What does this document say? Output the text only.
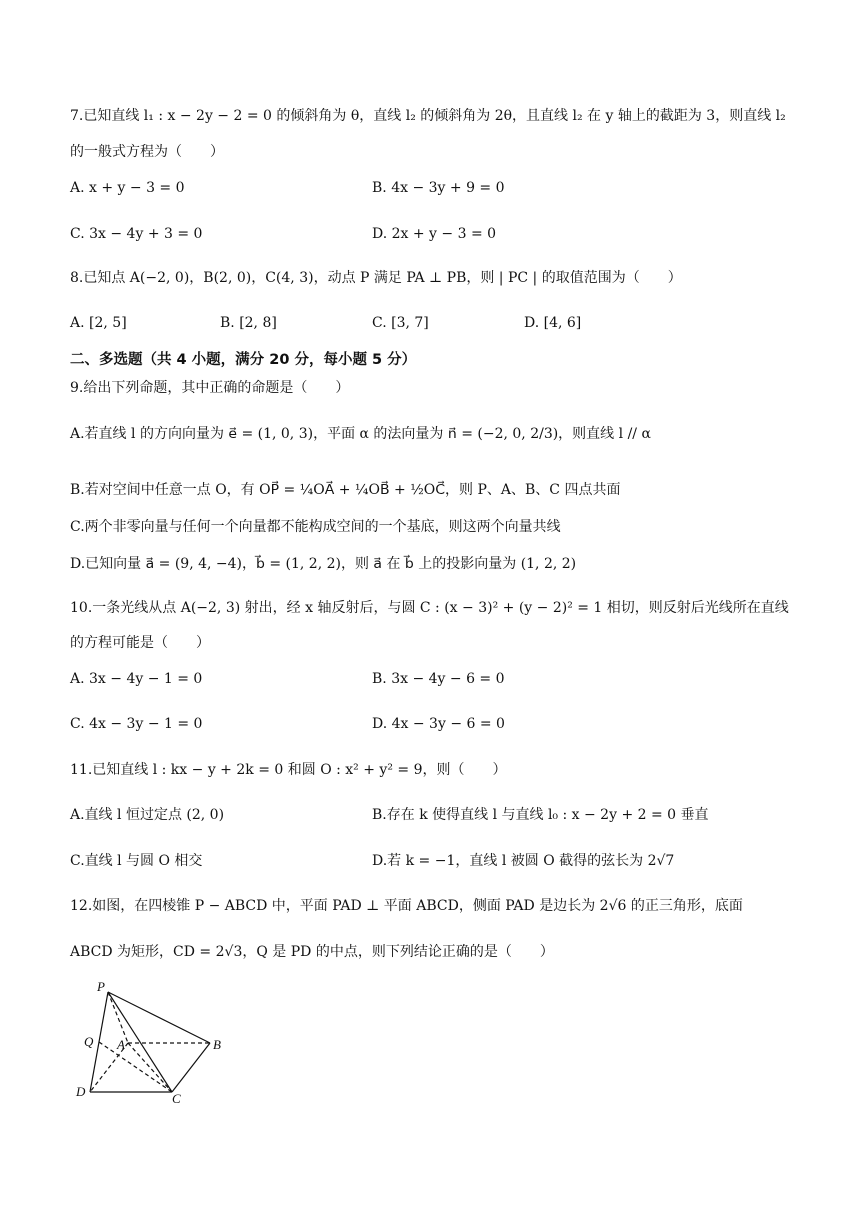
7.已知直线 l₁ : x − 2y − 2 = 0 的倾斜角为 θ，直线 l₂ 的倾斜角为 2θ，且直线 l₂ 在 y 轴上的截距为 3，则直线 l₂
的一般式方程为（　　）
A. x + y − 3 = 0	B. 4x − 3y + 9 = 0
C. 3x − 4y + 3 = 0	D. 2x + y − 3 = 0
8.已知点 A(−2, 0)，B(2, 0)，C(4, 3)，动点 P 满足 PA ⊥ PB，则 | PC | 的取值范围为（　　）
A. [2, 5]	B. [2, 8]	C. [3, 7]	D. [4, 6]
二、多选题（共 4 小题，满分 20 分，每小题 5 分）
9.给出下列命题，其中正确的命题是（　　）
A.若直线 l 的方向向量为 e⃗ = (1, 0, 3)，平面 α 的法向量为 n⃗ = (−2, 0, 2/3)，则直线 l // α
B.若对空间中任意一点 O，有 OP⃗ = ¼OA⃗ + ¼OB⃗ + ½OC⃗，则 P、A、B、C 四点共面
C.两个非零向量与任何一个向量都不能构成空间的一个基底，则这两个向量共线
D.已知向量 a⃗ = (9, 4, −4)，b⃗ = (1, 2, 2)，则 a⃗ 在 b⃗ 上的投影向量为 (1, 2, 2)
10.一条光线从点 A(−2, 3) 射出，经 x 轴反射后，与圆 C : (x − 3)² + (y − 2)² = 1 相切，则反射后光线所在直线
的方程可能是（　　）
A. 3x − 4y − 1 = 0	B. 3x − 4y − 6 = 0
C. 4x − 3y − 1 = 0	D. 4x − 3y − 6 = 0
11.已知直线 l : kx − y + 2k = 0 和圆 O : x² + y² = 9，则（　　）
A.直线 l 恒过定点 (2, 0)	B.存在 k 使得直线 l 与直线 l₀ : x − 2y + 2 = 0 垂直
C.直线 l 与圆 O 相交	D.若 k = −1，直线 l 被圆 O 截得的弦长为 2√7
12.如图，在四棱锥 P − ABCD 中，平面 PAD ⊥ 平面 ABCD，侧面 PAD 是边长为 2√6 的正三角形，底面
ABCD 为矩形，CD = 2√3，Q 是 PD 的中点，则下列结论正确的是（　　）
P
Q A	B
C
D
